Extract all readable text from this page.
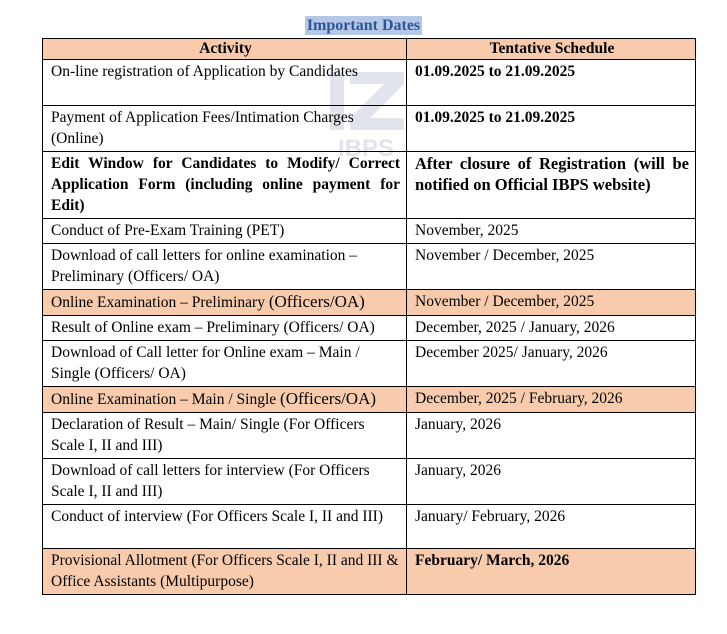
Important Dates
IBPS
Activity	Tentative Schedule
On-line registration of Application by Candidates	01.09.2025 to 21.09.2025
Payment of Application Fees/Intimation Charges (Online)	01.09.2025 to 21.09.2025
Edit Window for Candidates to Modify/ Correct Application Form (including online payment for Edit)	After closure of Registration (will be notified on Official IBPS website)
Conduct of Pre-Exam Training (PET)	November, 2025
Download of call letters for online examination – Preliminary (Officers/ OA)	November / December, 2025
Online Examination – Preliminary (Officers/OA)	November / December, 2025
Result of Online exam – Preliminary (Officers/ OA)	December, 2025 / January, 2026
Download of Call letter for Online exam – Main / Single (Officers/ OA)	December 2025/ January, 2026
Online Examination – Main / Single (Officers/OA)	December, 2025 / February, 2026
Declaration of Result – Main/ Single (For Officers Scale I, II and III)	January, 2026
Download of call letters for interview (For Officers Scale I, II and III)	January, 2026
Conduct of interview (For Officers Scale I, II and III)	January/ February, 2026
Provisional Allotment (For Officers Scale I, II and III & Office Assistants (Multipurpose)	February/ March, 2026
